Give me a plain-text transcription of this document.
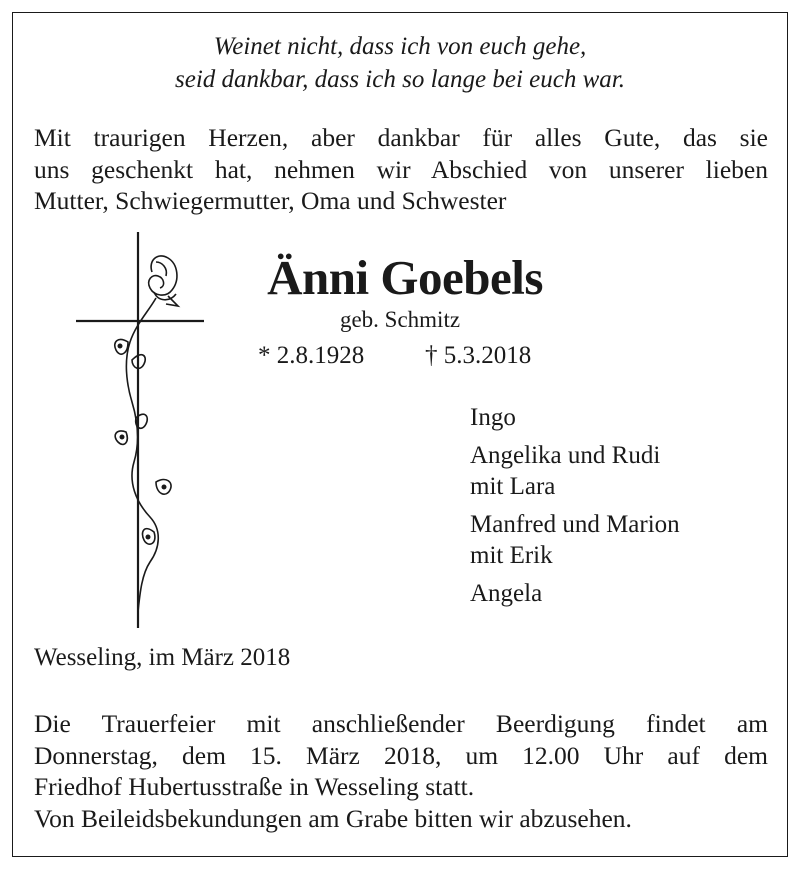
Weinet nicht, dass ich von euch gehe,
seid dankbar, dass ich so lange bei euch war.
Mit traurigen Herzen, aber dankbar für alles Gute, das sie
uns geschenkt hat, nehmen wir Abschied von unserer lieben
Mutter, Schwiegermutter, Oma und Schwester
Änni Goebels
geb. Schmitz
* 2.8.1928 † 5.3.2018
Ingo
Angelika und Rudi
mit Lara
Manfred und Marion
mit Erik
Angela
Wesseling, im März 2018
Die Trauerfeier mit anschließender Beerdigung findet am
Donnerstag, dem 15. März 2018, um 12.00 Uhr auf dem
Friedhof Hubertusstraße in Wesseling statt.
Von Beileidsbekundungen am Grabe bitten wir abzusehen.
